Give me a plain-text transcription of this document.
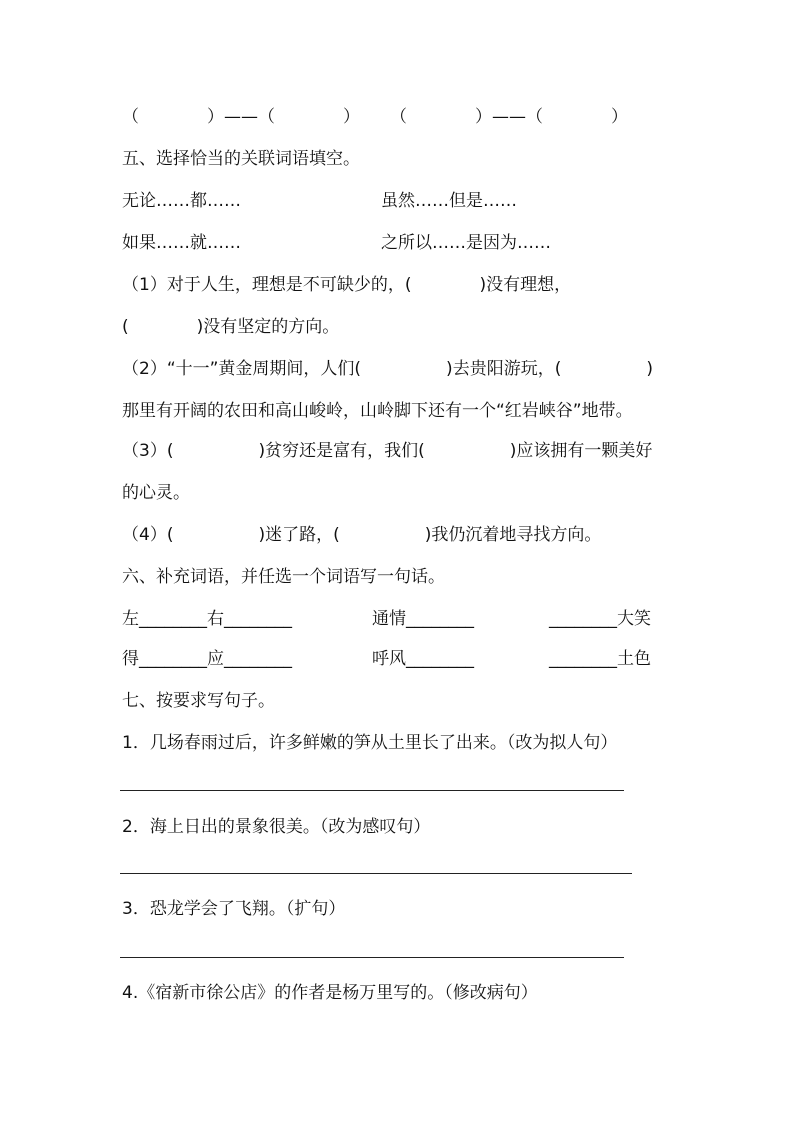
（　　　　）——（　　　　） （　　　　）——（　　　　）
五、选择恰当的关联词语填空。
无论……都……	虽然……但是……
如果……就……	之所以……是因为……
（1）对于人生，理想是不可缺少的，(　　　　)没有理想，
(　　　　)没有坚定的方向。
（2）“十一”黄金周期间，人们(　　　　　)去贵阳游玩，(　　　　　)
那里有开阔的农田和高山峻岭，山岭脚下还有一个“红岩峡谷”地带。
（3）(　　　　　)贫穷还是富有，我们(　　　　　)应该拥有一颗美好
的心灵。
（4）(　　　　　)迷了路，(　　　　　)我仍沉着地寻找方向。
六、补充词语，并任选一个词语写一句话。
左________右________	通情________	________大笑
得________应________	呼风________	________土色
七、按要求写句子。
1．几场春雨过后，许多鲜嫩的笋从土里长了出来。（改为拟人句）
2．海上日出的景象很美。（改为感叹句）
3．恐龙学会了飞翔。（扩句）
4.《宿新市徐公店》的作者是杨万里写的。（修改病句）
